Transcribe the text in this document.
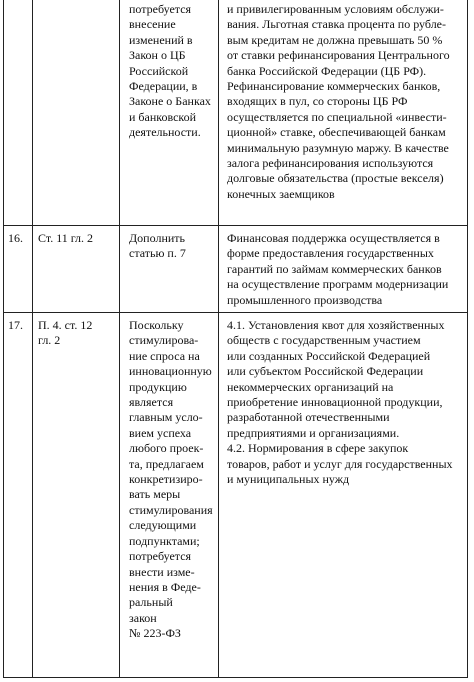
потребуется
внесение
изменений в
Закон о ЦБ
Российской
Федерации, в
Законе о Банках
и банковской
деятельности.
и привилегированным условиям обслужи-
вания. Льготная ставка процента по рубле-
вым кредитам не должна превышать 50 %
от ставки рефинансирования Центрального
банка Российской Федерации (ЦБ РФ).
Рефинансирование коммерческих банков,
входящих в пул, со стороны ЦБ РФ
осуществляется по специальной «инвести-
ционной» ставке, обеспечивающей банкам
минимальную разумную маржу. В качестве
залога рефинансирования используются
долговые обязательства (простые векселя)
конечных заемщиков
16. Ст. 11 гл. 2	Дополнить
статью п. 7
Финансовая поддержка осуществляется в
форме предоставления государственных
гарантий по займам коммерческих банков
на осуществление программ модернизации
промышленного производства
17. П. 4. ст. 12
гл. 2
Поскольку
стимулирова-
ние спроса на
инновационную
продукцию
является
главным усло-
вием успеха
любого проек-
та, предлагаем
конкретизиро-
вать меры
стимулирования
следующими
подпунктами;
потребуется
внести изме-
нения в Феде-
ральный
закон
№ 223-ФЗ
4.1. Установления квот для хозяйственных
обществ с государственным участием
или созданных Российской Федерацией
или субъектом Российской Федерации
некоммерческих организаций на
приобретение инновационной продукции,
разработанной отечественными
предприятиями и организациями.
4.2. Нормирования в сфере закупок
товаров, работ и услуг для государственных
и муниципальных нужд
